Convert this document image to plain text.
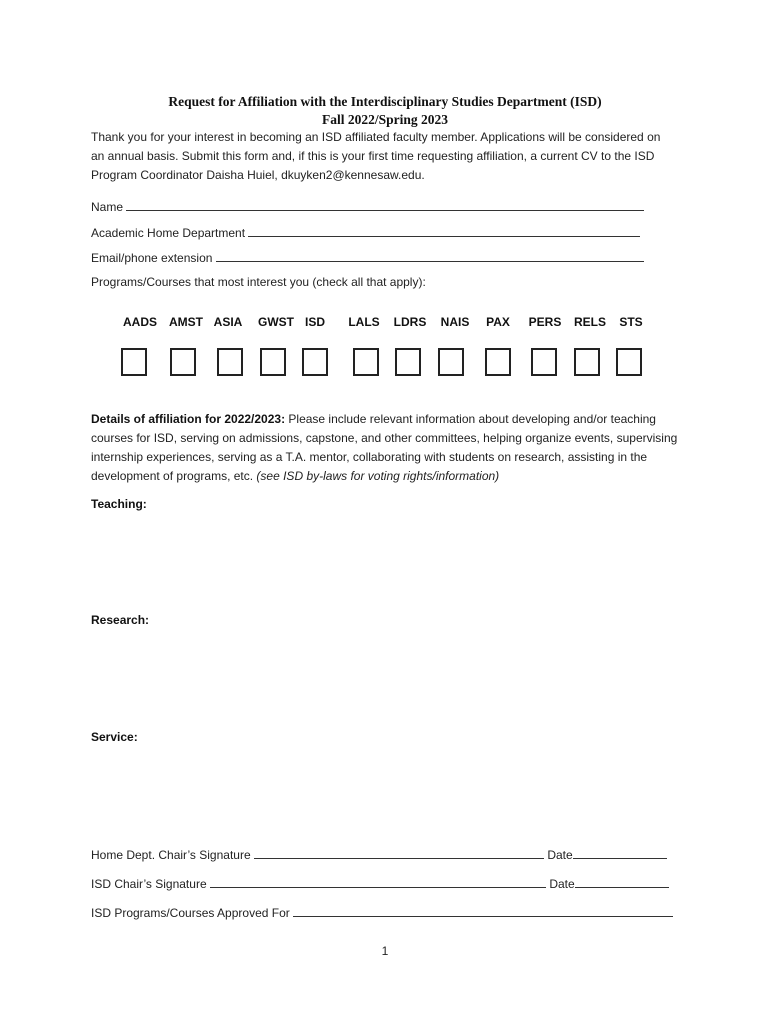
Request for Affiliation with the Interdisciplinary Studies Department (ISD)
Fall 2022/Spring 2023
Thank you for your interest in becoming an ISD affiliated faculty member. Applications will be considered on an annual basis. Submit this form and, if this is your first time requesting affiliation, a current CV to the ISD Program Coordinator Daisha Huiel, dkuyken2@kennesaw.edu.
Name
Academic Home Department
Email/phone extension
Programs/Courses that most interest you (check all that apply):
AADS	AMST ASIA	GWST ISD	LALS	LDRS	NAIS	PAX	PERS	RELS	STS
Details of affiliation for 2022/2023: Please include relevant information about developing and/or teaching courses for ISD, serving on admissions, capstone, and other committees, helping organize events, supervising internship experiences, serving as a T.A. mentor, collaborating with students on research, assisting in the development of programs, etc. (see ISD by-laws for voting rights/information)
Teaching:
Research:
Service:
Home Dept. Chair’s Signature	Date
ISD Chair’s Signature	Date
ISD Programs/Courses Approved For
1
